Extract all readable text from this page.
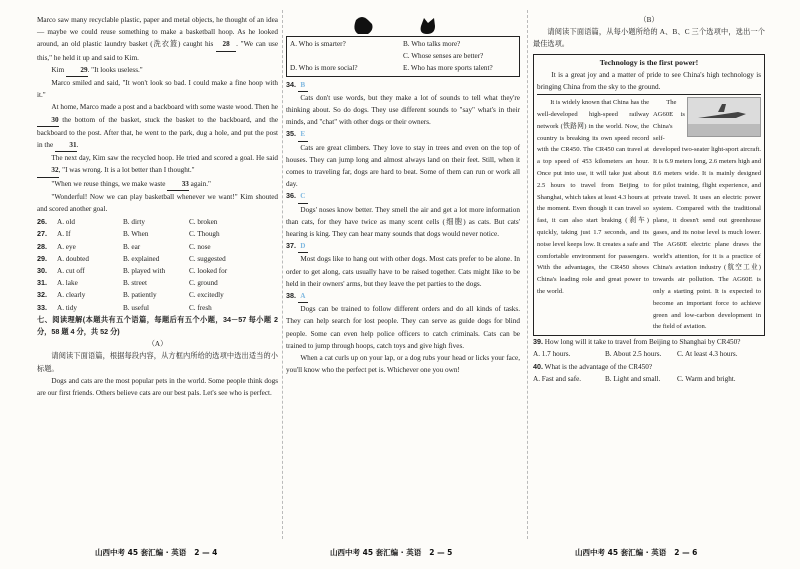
Marco saw many recyclable plastic, paper and metal objects, he thought of an idea — maybe we could reuse something to make a basketball hoop. As he looked around, an old plastic laundry basket (洗衣篮) caught his 28 . "We can use this," he held it up and said to Kim.

Kim 29. "It looks useless."

Marco smiled and said, "It won't look so bad. I could make a fine hoop with it."

At home, Marco made a post and a backboard with some waste wood. Then he 30 the bottom of the basket, stuck the basket to the backboard, and the backboard to the post. After that, he went to the park, dug a hole, and put the post in the 31.

The next day, Kim saw the recycled hoop. He tried and scored a goal. He said 32, "I was wrong. It is a lot better than I thought."

"When we reuse things, we make waste 33 again."

"Wonderful! Now we can play basketball whenever we want!" Kim shouted and scored another goal.

26.	A. old	B. dirty	C. broken
27.	A. If	B. When	C. Though
28.	A. eye	B. ear	C. nose
29.	A. doubted	B. explained	C. suggested
30.	A. cut off	B. played with	C. looked for
31.	A. lake	B. street	C. ground
32.	A. clearly	B. patiently	C. excitedly
33.	A. tidy	B. useful	C. fresh

七、阅读理解(本题共有五个语篇，每题后有五个小题，34－57 每小题 2 分，58 题 4 分，共 52 分)

（A）

请阅读下面语篇，根据每段内容，从方框内所给的选项中选出适当的小标题。

Dogs and cats are the most popular pets in the world. Some people think dogs are our first friends. Others believe cats are our best pals. Let's see who is perfect.

A. Who is smarter?	B. Who talks more?
C. Whose senses are better?
D. Who is more social?	E. Who has more sports talent?

34. B

Cats don't use words, but they make a lot of sounds to tell what they're thinking about. So do dogs. They use different sounds to "say" what's in their minds, and "chat" with other dogs or their owners.

35. E

Cats are great climbers. They love to stay in trees and even on the top of houses. They can jump long and almost always land on their feet. Still, when it comes to traveling far, dogs are hard to beat. Some of them can run or work all day.

36. C

Dogs' noses know better. They smell the air and get a lot more information than cats, for they have twice as many scent cells (细胞) as cats. But cats' hearing is king. They can hear many sounds that dogs would never notice.

37. D

Most dogs like to hang out with other dogs. Most cats prefer to be alone. In order to get along, cats usually have to be raised together. Cats might like to be held in their owners' arms, but they leave the pet parties to the dogs.

38. A

Dogs can be trained to follow different orders and do all kinds of tasks. They can help search for lost people. They can serve as guide dogs for blind people. Some can even help police officers to catch criminals. Cats can be trained to jump through hoops, catch toys and give high fives.

When a cat curls up on your lap, or a dog rubs your head or licks your face, you'll know who the perfect pet is. Whichever one you own!

（B）

请阅读下面语篇，从每小题所给的 A、B、C 三个选项中，选出一个最佳选项。

Technology is the first power!

It is a great joy and a matter of pride to see China's high technology is bringing China from the sky to the ground.

It is widely known that China has the well-developed high-speed railway network (铁路网) in the world. Now, the country is breaking its own speed record with the CR450. The CR450 can travel at a top speed of 453 kilometers an hour. Once put into use, it will take just about 2.5 hours to travel from Beijing to Shanghai, which takes at least 4.3 hours at the moment. Even though it can travel so fast, it can also start braking (刹车) quickly, taking just 1.7 seconds, and its noise level keeps low. It creates a safe and comfortable environment for passengers. With the advantages, the CR450 shows China's leading role and great power to the world.

The AG60E is China's self-developed two-seater light-sport aircraft. It is 6.9 meters long, 2.6 meters high and 8.6 meters wide. It is mainly designed for pilot training, flight experience, and private travel. It uses an electric power system. Compared with the traditional plane, it doesn't send out greenhouse gases, and its noise level is much lower. The AG60E electric plane draws the world's attention, for it is a practice of China's aviation industry (航空工业) towards air pollution. The AG60E is only a starting point. It is expected to become an important force to achieve green and low-carbon development in the field of aviation.

39. How long will it take to travel from Beijing to Shanghai by CR450?

A. 1.7 hours.	B. About 2.5 hours.	C. At least 4.3 hours.

40. What is the advantage of the CR450?

A. Fast and safe.	B. Light and small.	C. Warm and bright.
山西中考 45 套汇编 · 英语 2 — 4	山西中考 45 套汇编 · 英语 2 — 5	山西中考 45 套汇编 · 英语 2 — 6
